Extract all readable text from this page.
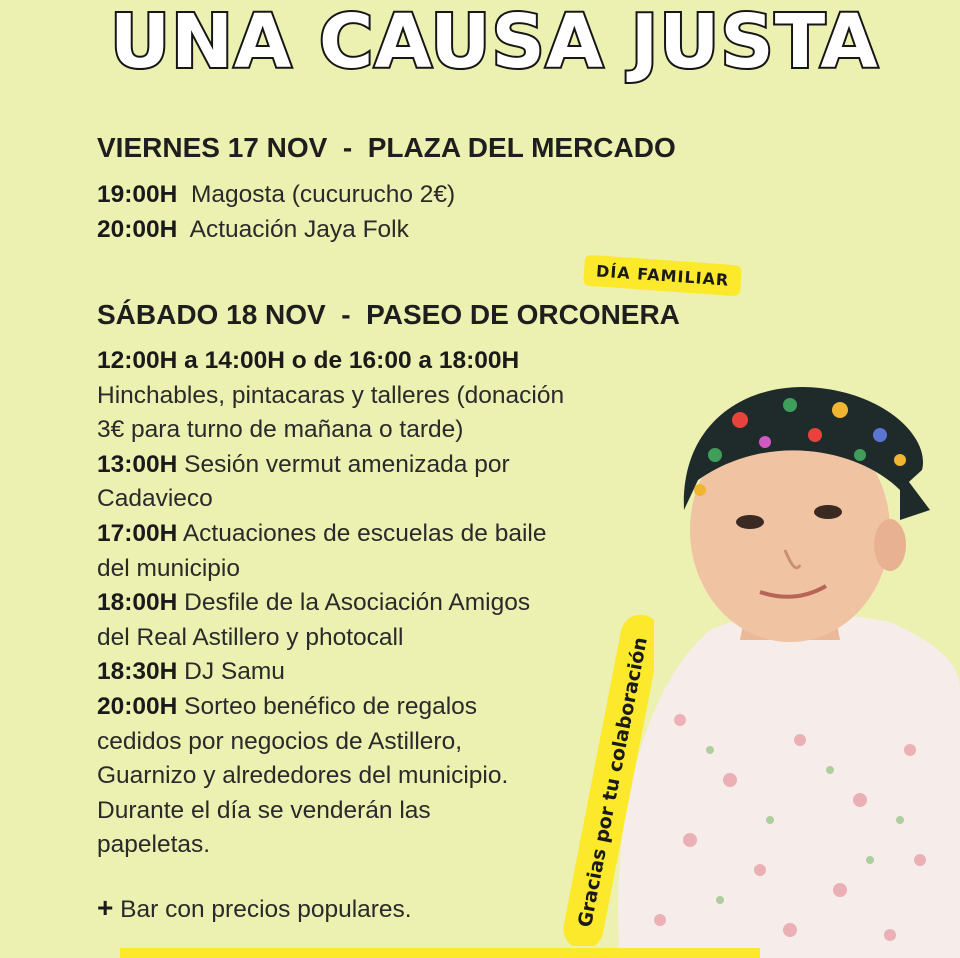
UNA CAUSA JUSTA
VIERNES 17 NOV  -  PLAZA DEL MERCADO
19:00H Magosta (cucurucho 2€)
20:00H Actuación Jaya Folk
DÍA FAMILIAR
SÁBADO 18 NOV  -  PASEO DE ORCONERA
12:00H a 14:00H o de 16:00 a 18:00H
Hinchables, pintacaras y talleres (donación
3€ para turno de mañana o tarde)
13:00H Sesión vermut amenizada por
Cadavieco
17:00H Actuaciones de escuelas de baile
del municipio
18:00H Desfile de la Asociación Amigos
del Real Astillero y photocall
18:30H DJ Samu
20:00H Sorteo benéfico de regalos
cedidos por negocios de Astillero,
Guarnizo y alrededores del municipio.
Durante el día se venderán las
papeletas.
+ Bar con precios populares.	Gracias por tu colaboración
